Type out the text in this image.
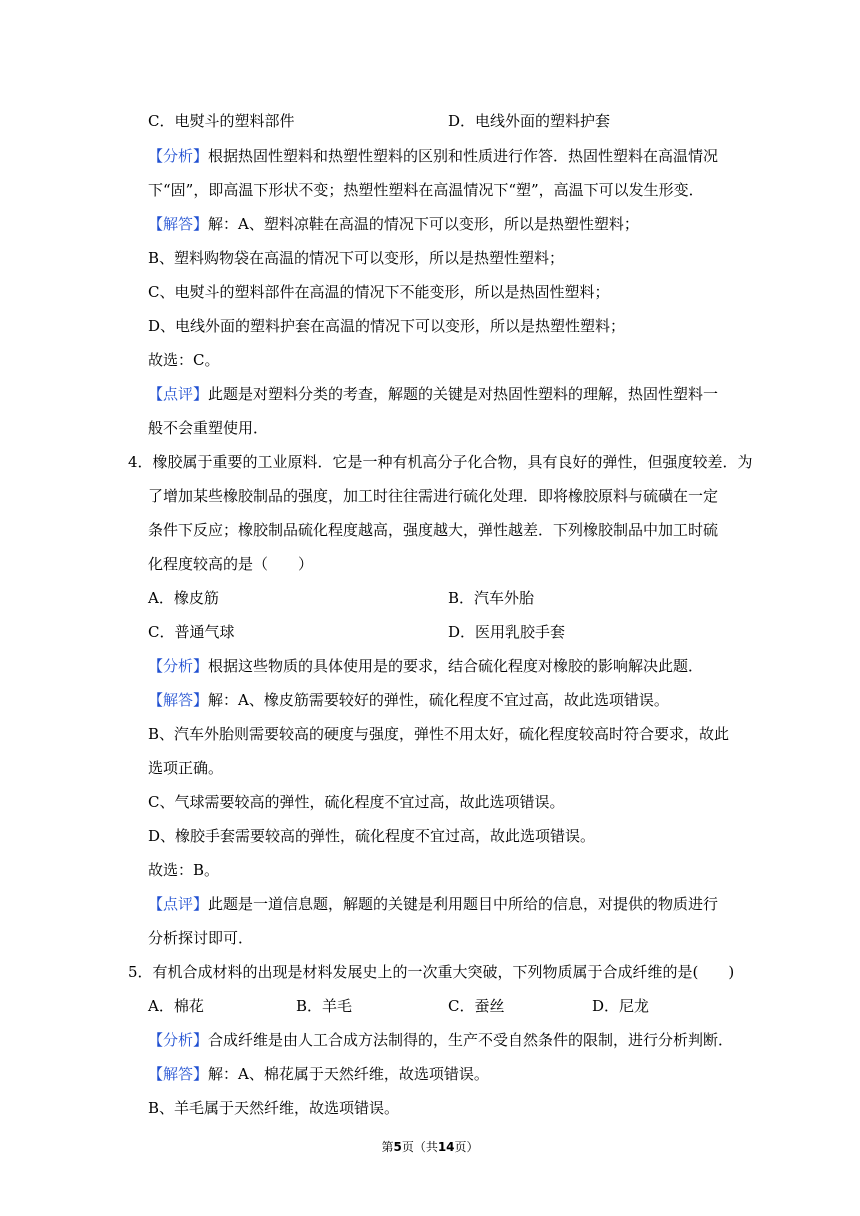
C．电熨斗的塑料部件	D．电线外面的塑料护套
【分析】根据热固性塑料和热塑性塑料的区别和性质进行作答．热固性塑料在高温情况
下“固”，即高温下形状不变；热塑性塑料在高温情况下“塑”，高温下可以发生形变．
【解答】解：A、塑料凉鞋在高温的情况下可以变形，所以是热塑性塑料；
B、塑料购物袋在高温的情况下可以变形，所以是热塑性塑料；
C、电熨斗的塑料部件在高温的情况下不能变形，所以是热固性塑料；
D、电线外面的塑料护套在高温的情况下可以变形，所以是热塑性塑料；
故选：C。
【点评】此题是对塑料分类的考查，解题的关键是对热固性塑料的理解，热固性塑料一
般不会重塑使用．
4．橡胶属于重要的工业原料．它是一种有机高分子化合物，具有良好的弹性，但强度较差．为
了增加某些橡胶制品的强度，加工时往往需进行硫化处理．即将橡胶原料与硫磺在一定
条件下反应；橡胶制品硫化程度越高，强度越大，弹性越差．下列橡胶制品中加工时硫
化程度较高的是（　　）
A．橡皮筋	B．汽车外胎
C．普通气球	D．医用乳胶手套
【分析】根据这些物质的具体使用是的要求，结合硫化程度对橡胶的影响解决此题．
【解答】解：A、橡皮筋需要较好的弹性，硫化程度不宜过高，故此选项错误。
B、汽车外胎则需要较高的硬度与强度，弹性不用太好，硫化程度较高时符合要求，故此
选项正确。
C、气球需要较高的弹性，硫化程度不宜过高，故此选项错误。
D、橡胶手套需要较高的弹性，硫化程度不宜过高，故此选项错误。
故选：B。
【点评】此题是一道信息题，解题的关键是利用题目中所给的信息，对提供的物质进行
分析探讨即可．
5．有机合成材料的出现是材料发展史上的一次重大突破，下列物质属于合成纤维的是(　　)
A．棉花	B．羊毛	C．蚕丝	D．尼龙
【分析】合成纤维是由人工合成方法制得的，生产不受自然条件的限制，进行分析判断．
【解答】解：A、棉花属于天然纤维，故选项错误。
B、羊毛属于天然纤维，故选项错误。
第5页（共14页）
